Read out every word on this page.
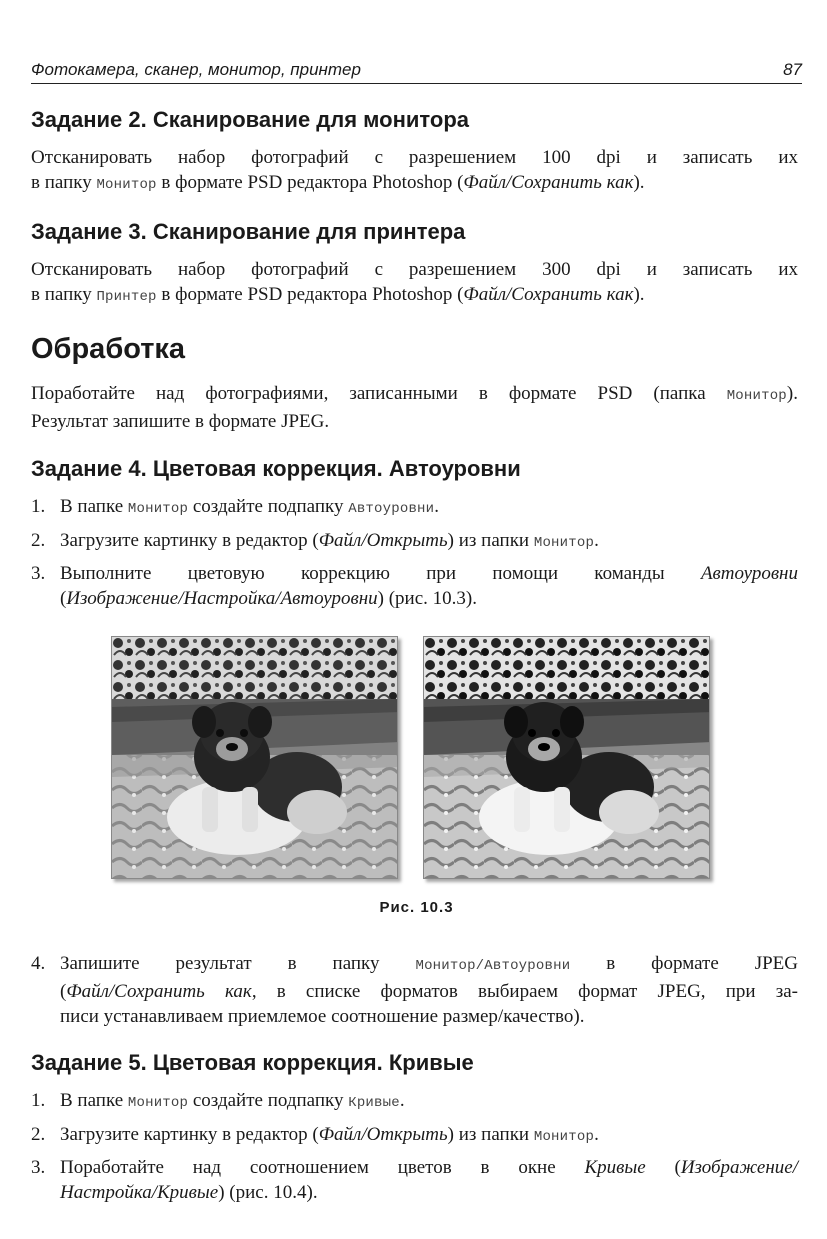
Фотокамера, сканер, монитор, принтер	87
Задание 2. Сканирование для монитора
Отсканировать набор фотографий с разрешением 100 dpi и записать их
в папку Монитор в формате PSD редактора Photoshop (Файл/Сохранить как).
Задание 3. Сканирование для принтера
Отсканировать набор фотографий с разрешением 300 dpi и записать их
в папку Принтер в формате PSD редактора Photoshop (Файл/Сохранить как).
Обработка
Поработайте над фотографиями, записанными в формате PSD (папка Монитор).
Результат запишите в формате JPEG.
Задание 4. Цветовая коррекция. Автоуровни
1. В папке Монитор создайте подпапку Автоуровни.
2. Загрузите картинку в редактор (Файл/Открыть) из папки Монитор.
3. Выполните цветовую коррекцию при помощи команды Автоуровни
(Изображение/Настройка/Автоуровни) (рис. 10.3).
Рис. 10.3
4. Запишите результат в папку Монитор/Автоуровни в формате JPEG
(Файл/Сохранить как, в списке форматов выбираем формат JPEG, при за-
писи устанавливаем приемлемое соотношение размер/качество).
Задание 5. Цветовая коррекция. Кривые
1. В папке Монитор создайте подпапку Кривые.
2. Загрузите картинку в редактор (Файл/Открыть) из папки Монитор.
3. Поработайте над соотношением цветов в окне Кривые (Изображение/
Настройка/Кривые) (рис. 10.4).
